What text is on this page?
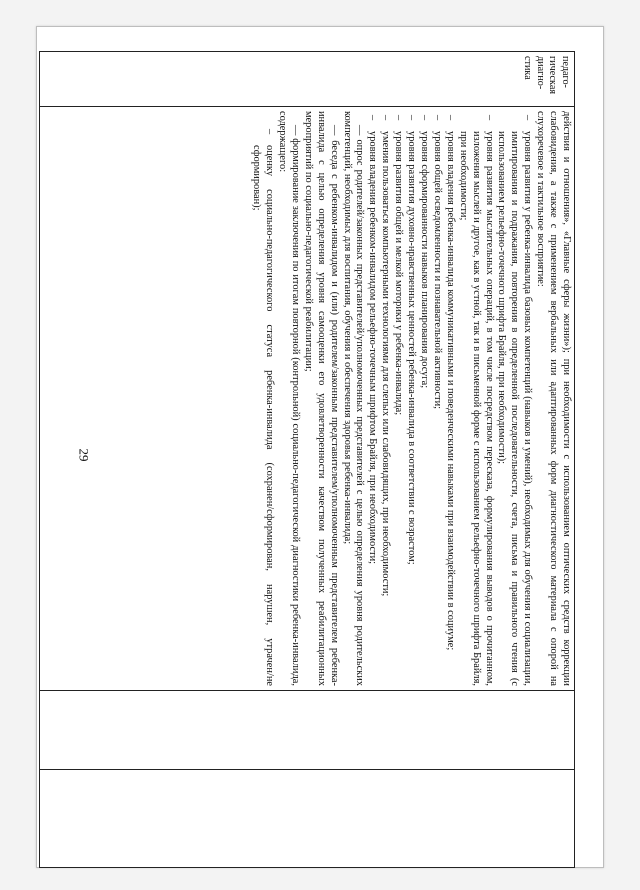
29
педаго-гическая диагно-стика	

действия и отношения», «Главные сферы жизни»); при необходимости с использованием оптических средств коррекции слабовидения, а также с применением вербальных или адаптированных форм диагностического материала с опорой на слухоречевое и тактильное восприятие:

– уровня развития у ребенка-инвалида базовых компетенций (навыков и умений), необходимых для обучения и социализации, имитирования и подражания, повторения в определенной последовательности, счета, письма и правильного чтения (с использованием рельефно-точечного шрифта Брайля, при необходимости);
– уровня развития мыслительных операций, в том числе посредством пересказа, формулирования выводов о прочитанном, изложения мыслей и другое, как в устной, так и в письменной форме с использованием рельефно-точечного шрифта Брайля, при необходимости;
– уровня владения ребенка-инвалида коммуникативными и поведенческими навыками при взаимодействии в социуме;
– уровня общей осведомленности и познавательной активности;
– уровня сформированности навыков планирования досуга;
– уровня развития духовно-нравственных ценностей ребенка-инвалида в соответствии с возрастом;
– уровня развития общей и мелкой моторики у ребенка-инвалида;
– умения пользоваться компьютерными технологиями для слепых или слабовидящих, при необходимости;
– уровня владения ребенком-инвалидом рельефно-точечным шрифтом Брайля, при необходимости;

— опрос родителей/законных представителей/уполномоченных представителей с целью определения уровня родительских компетенций, необходимых для воспитания, обучения и обеспечения здоровья ребенка-инвалида;

— беседа с ребенком-инвалидом и (или) родителем/законным представителем/уполномоченным представителем ребенка-инвалида с целью определения уровня самооценки его удовлетворенности качеством полученных реабилитационных мероприятий по социально-педагогической реабилитации;

— формирование заключения по итогам повторной (контрольной) социально-педагогической диагностики ребенка-инвалида, содержащего:

– оценку социально-педагогического статуса ребенка-инвалида (сохранен/сформирован, нарушен, утрачен/не сформирован);
